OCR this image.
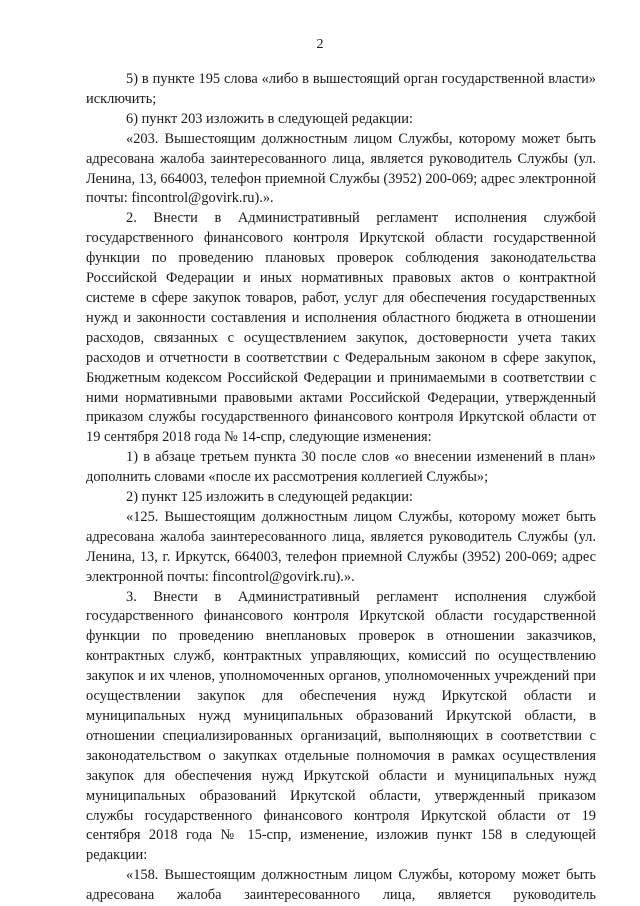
2

5) в пункте 195 слова «либо в вышестоящий орган государственной власти» исключить;

6) пункт 203 изложить в следующей редакции:

«203. Вышестоящим должностным лицом Службы, которому может быть адресована жалоба заинтересованного лица, является руководитель Службы (ул. Ленина, 13, 664003, телефон приемной Службы (3952) 200-069; адрес электронной почты: fincontrol@govirk.ru).».

2. Внести в Административный регламент исполнения службой государственного финансового контроля Иркутской области государственной функции по проведению плановых проверок соблюдения законодательства Российской Федерации и иных нормативных правовых актов о контрактной системе в сфере закупок товаров, работ, услуг для обеспечения государственных нужд и законности составления и исполнения областного бюджета в отношении расходов, связанных с осуществлением закупок, достоверности учета таких расходов и отчетности в соответствии с Федеральным законом в сфере закупок, Бюджетным кодексом Российской Федерации и принимаемыми в соответствии с ними нормативными правовыми актами Российской Федерации, утвержденный приказом службы государственного финансового контроля Иркутской области от 19 сентября 2018 года № 14-спр, следующие изменения:

1) в абзаце третьем пункта 30 после слов «о внесении изменений в план» дополнить словами «после их рассмотрения коллегией Службы»;

2) пункт 125 изложить в следующей редакции:

«125. Вышестоящим должностным лицом Службы, которому может быть адресована жалоба заинтересованного лица, является руководитель Службы (ул. Ленина, 13, г. Иркутск, 664003, телефон приемной Службы (3952) 200-069; адрес электронной почты: fincontrol@govirk.ru).».

3. Внести в Административный регламент исполнения службой государственного финансового контроля Иркутской области государственной функции по проведению внеплановых проверок в отношении заказчиков, контрактных служб, контрактных управляющих, комиссий по осуществлению закупок и их членов, уполномоченных органов, уполномоченных учреждений при осуществлении закупок для обеспечения нужд Иркутской области и муниципальных нужд муниципальных образований Иркутской области, в отношении специализированных организаций, выполняющих в соответствии с законодательством о закупках отдельные полномочия в рамках осуществления закупок для обеспечения нужд Иркутской области и муниципальных нужд муниципальных образований Иркутской области, утвержденный приказом службы государственного финансового контроля Иркутской области от 19 сентября 2018 года № 15-спр, изменение, изложив пункт 158 в следующей редакции:

«158. Вышестоящим должностным лицом Службы, которому может быть адресована жалоба заинтересованного лица, является руководитель
